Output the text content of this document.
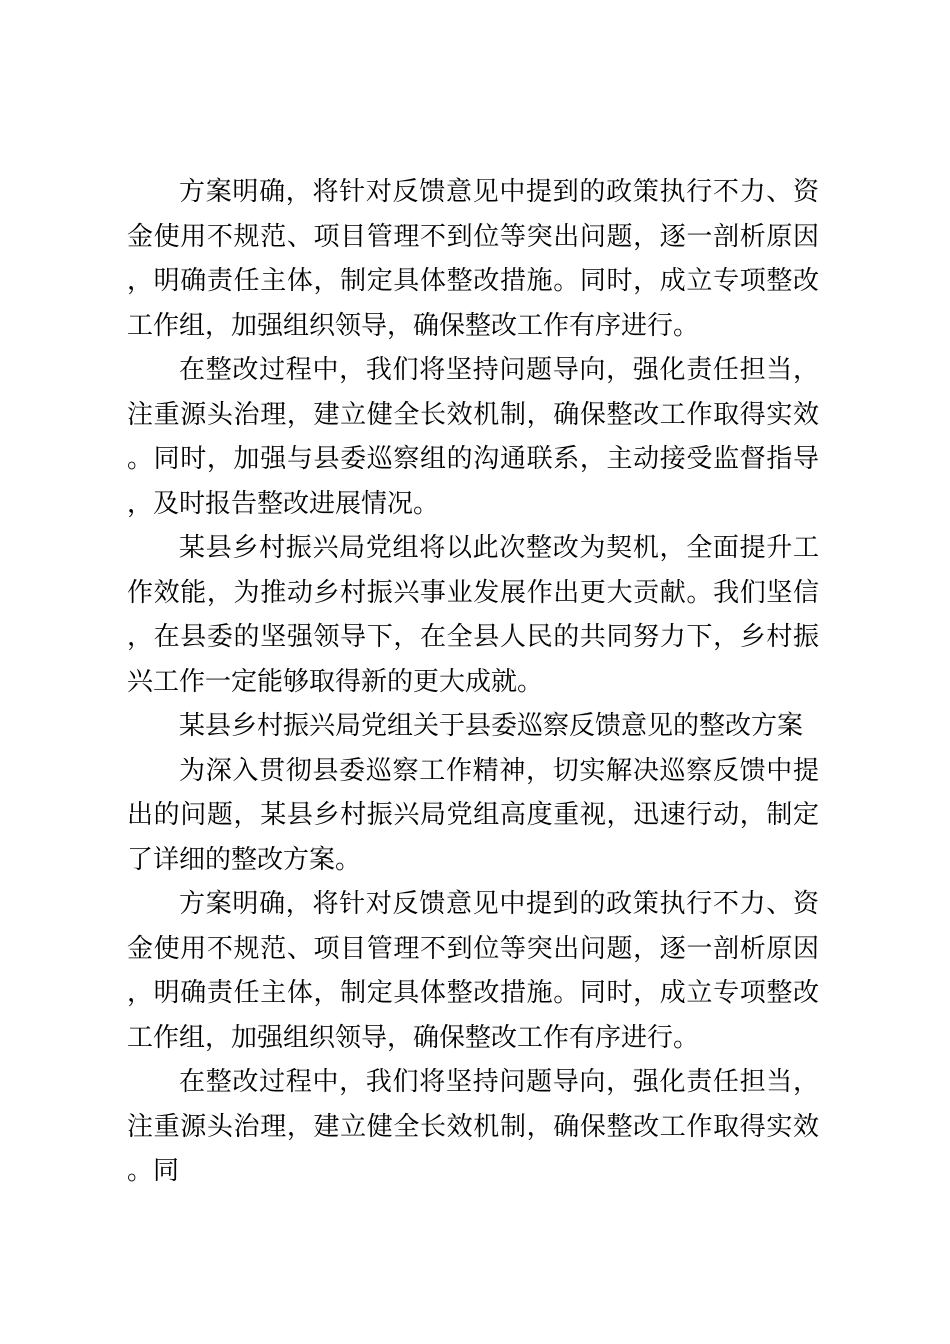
方案明确，将针对反馈意见中提到的政策执行不力、资金使用不规范、项目管理不到位等突出问题，逐一剖析原因，明确责任主体，制定具体整改措施。同时，成立专项整改工作组，加强组织领导，确保整改工作有序进行。

在整改过程中，我们将坚持问题导向，强化责任担当，注重源头治理，建立健全长效机制，确保整改工作取得实效。同时，加强与县委巡察组的沟通联系，主动接受监督指导，及时报告整改进展情况。

某县乡村振兴局党组将以此次整改为契机，全面提升工作效能，为推动乡村振兴事业发展作出更大贡献。我们坚信，在县委的坚强领导下，在全县人民的共同努力下，乡村振兴工作一定能够取得新的更大成就。

某县乡村振兴局党组关于县委巡察反馈意见的整改方案

为深入贯彻县委巡察工作精神，切实解决巡察反馈中提出的问题，某县乡村振兴局党组高度重视，迅速行动，制定了详细的整改方案。

方案明确，将针对反馈意见中提到的政策执行不力、资金使用不规范、项目管理不到位等突出问题，逐一剖析原因，明确责任主体，制定具体整改措施。同时，成立专项整改工作组，加强组织领导，确保整改工作有序进行。

在整改过程中，我们将坚持问题导向，强化责任担当，注重源头治理，建立健全长效机制，确保整改工作取得实效。同
